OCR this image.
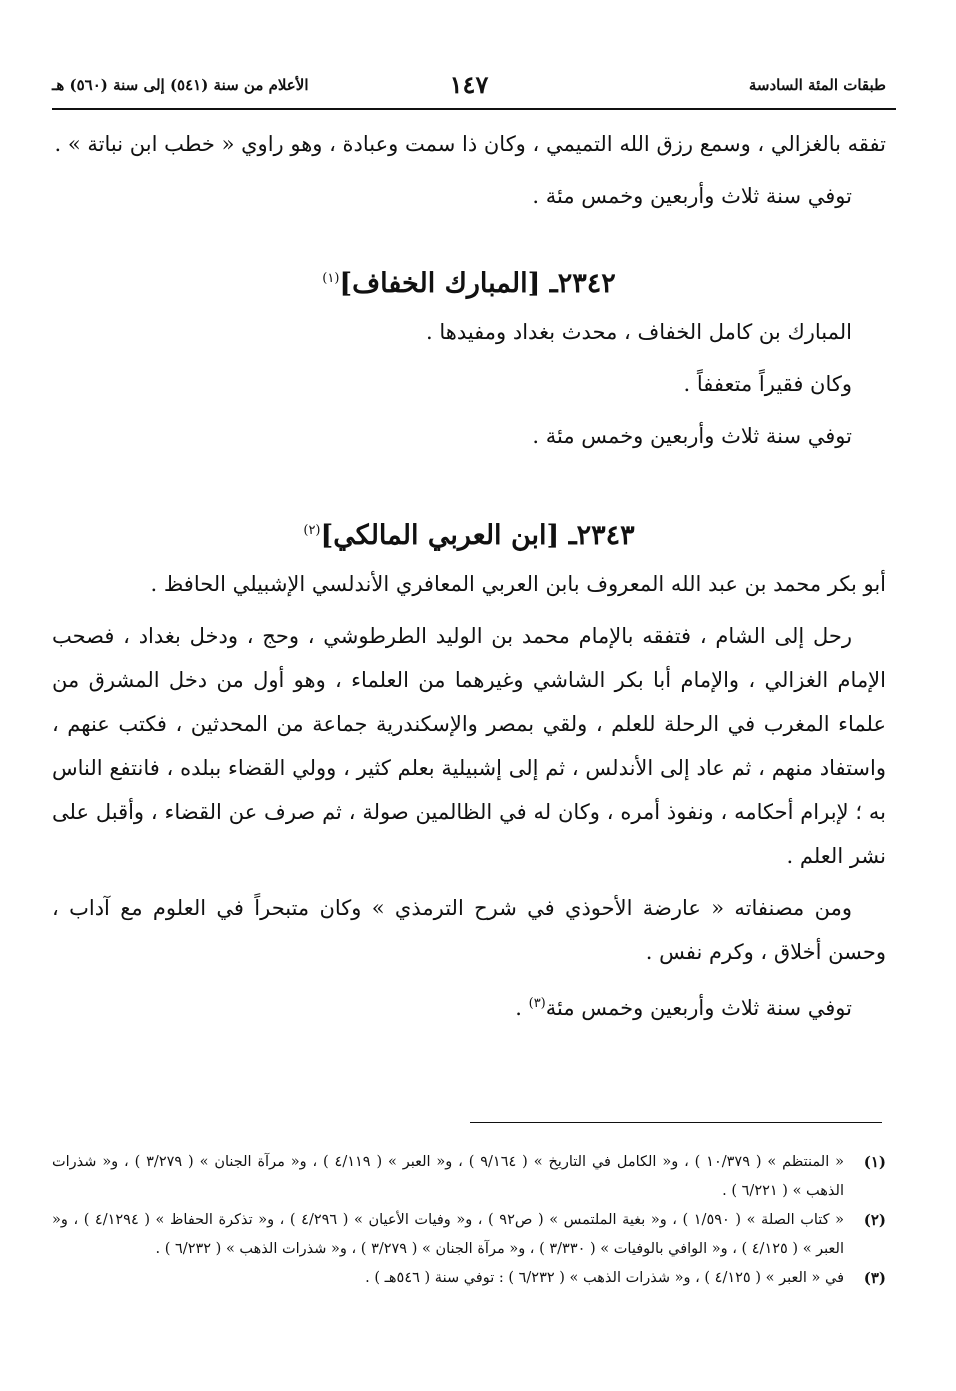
طبقات المئة السادسة
١٤٧
الأعلام من سنة (٥٤١) إلى سنة (٥٦٠) هـ

تفقه بالغزالي ، وسمع رزق الله التميمي ، وكان ذا سمت وعبادة ، وهو راوي « خطب ابن نباتة » .

توفي سنة ثلاث وأربعين وخمس مئة .

٢٣٤٢ـ [المبارك الخفاف]$^{(١)}$

المبارك بن كامل الخفاف ، محدث بغداد ومفيدها .

وكان فقيراً متعففاً .

توفي سنة ثلاث وأربعين وخمس مئة .

٢٣٤٣ـ [ابن العربي المالكي]$^{(٢)}$

أبو بكر محمد بن عبد الله المعروف بابن العربي المعافري الأندلسي الإشبيلي الحافظ .

رحل إلى الشام ، فتفقه بالإمام محمد بن الوليد الطرطوشي ، وحج ، ودخل بغداد ، فصحب الإمام الغزالي ، والإمام أبا بكر الشاشي وغيرهما من العلماء ، وهو أول من دخل المشرق من علماء المغرب في الرحلة للعلم ، ولقي بمصر والإسكندرية جماعة من المحدثين ، فكتب عنهم ، واستفاد منهم ، ثم عاد إلى الأندلس ، ثم إلى إشبيلية بعلم كثير ، وولي القضاء ببلده ، فانتفع الناس به ؛ لإبرام أحكامه ، ونفوذ أمره ، وكان له في الظالمين صولة ، ثم صرف عن القضاء ، وأقبل على نشر العلم .

ومن مصنفاته « عارضة الأحوذي في شرح الترمذي » وكان متبحراً في العلوم مع آداب ، وحسن أخلاق ، وكرم نفس .

توفي سنة ثلاث وأربعين وخمس مئة$^{(٣)}$ .

(١)
« المنتظم » ( ١٠/٣٧٩ ) ، و« الكامل في التاريخ » ( ٩/١٦٤ ) ، و« العبر » ( ٤/١١٩ ) ، و« مرآة الجنان » ( ٣/٢٧٩ ) ، و« شذرات الذهب » ( ٦/٢٢١ ) .
(٢)
« كتاب الصلة » ( ١/٥٩٠ ) ، و« بغية الملتمس » ( ص٩٢ ) ، و« وفيات الأعيان » ( ٤/٢٩٦ ) ، و« تذكرة الحفاظ » ( ٤/١٢٩٤ ) ، و« العبر » ( ٤/١٢٥ ) ، و« الوافي بالوفيات » ( ٣/٣٣٠ ) ، و« مرآة الجنان » ( ٣/٢٧٩ ) ، و« شذرات الذهب » ( ٦/٢٣٢ ) .
(٣)
في « العبر » ( ٤/١٢٥ ) ، و« شذرات الذهب » ( ٦/٢٣٢ ) : توفي سنة ( ٥٤٦هـ ) .
